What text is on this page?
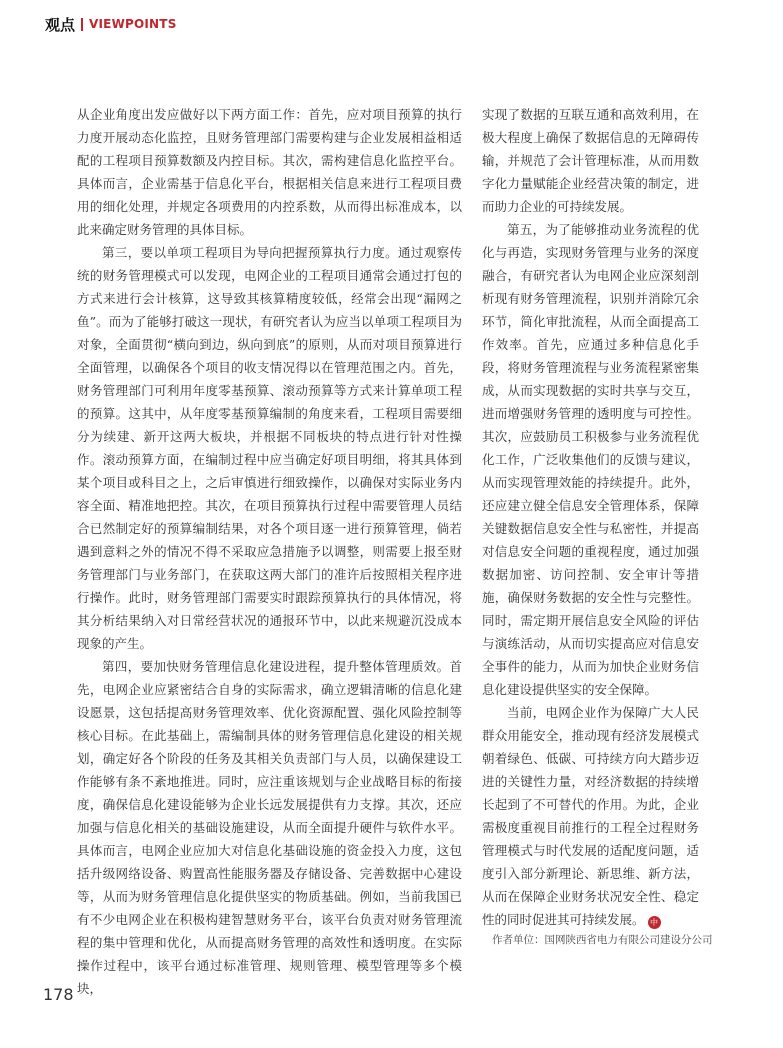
观点 VIEWPOINTS

从企业角度出发应做好以下两方面工作：首先，应对项目预算的执行力度开展动态化监控，且财务管理部门需要构建与企业发展相益相适配的工程项目预算数额及内控目标。其次，需构建信息化监控平台。具体而言，企业需基于信息化平台，根据相关信息来进行工程项目费用的细化处理，并规定各项费用的内控系数，从而得出标准成本，以此来确定财务管理的具体目标。

第三，要以单项工程项目为导向把握预算执行力度。通过观察传统的财务管理模式可以发现，电网企业的工程项目通常会通过打包的方式来进行会计核算，这导致其核算精度较低，经常会出现“漏网之鱼”。而为了能够打破这一现状，有研究者认为应当以单项工程项目为对象，全面贯彻“横向到边，纵向到底”的原则，从而对项目预算进行全面管理，以确保各个项目的收支情况得以在管理范围之内。首先，财务管理部门可利用年度零基预算、滚动预算等方式来计算单项工程的预算。这其中，从年度零基预算编制的角度来看，工程项目需要细分为续建、新开这两大板块，并根据不同板块的特点进行针对性操作。滚动预算方面，在编制过程中应当确定好项目明细，将其具体到某个项目或科目之上，之后审慎进行细致操作，以确保对实际业务内容全面、精准地把控。其次，在项目预算执行过程中需要管理人员结合已然制定好的预算编制结果，对各个项目逐一进行预算管理，倘若遇到意料之外的情况不得不采取应急措施予以调整，则需要上报至财务管理部门与业务部门，在获取这两大部门的准许后按照相关程序进行操作。此时，财务管理部门需要实时跟踪预算执行的具体情况，将其分析结果纳入对日常经营状况的通报环节中，以此来规避沉没成本现象的产生。

第四，要加快财务管理信息化建设进程，提升整体管理质效。首先，电网企业应紧密结合自身的实际需求，确立逻辑清晰的信息化建设愿景，这包括提高财务管理效率、优化资源配置、强化风险控制等核心目标。在此基础上，需编制具体的财务管理信息化建设的相关规划，确定好各个阶段的任务及其相关负责部门与人员，以确保建设工作能够有条不紊地推进。同时，应注重该规划与企业战略目标的衔接度，确保信息化建设能够为企业长远发展提供有力支撑。其次，还应加强与信息化相关的基础设施建设，从而全面提升硬件与软件水平。具体而言，电网企业应加大对信息化基础设施的资金投入力度，这包括升级网络设备、购置高性能服务器及存储设备、完善数据中心建设等，从而为财务管理信息化提供坚实的物质基础。例如，当前我国已有不少电网企业在积极构建智慧财务平台，该平台负责对财务管理流程的集中管理和优化，从而提高财务管理的高效性和透明度。在实际操作过程中，该平台通过标准管理、规则管理、模型管理等多个模块，

实现了数据的互联互通和高效利用，在极大程度上确保了数据信息的无障碍传输，并规范了会计管理标准，从而用数字化力量赋能企业经营决策的制定，进而助力企业的可持续发展。

第五，为了能够推动业务流程的优化与再造，实现财务管理与业务的深度融合，有研究者认为电网企业应深刻剖析现有财务管理流程，识别并消除冗余环节，简化审批流程，从而全面提高工作效率。首先，应通过多种信息化手段，将财务管理流程与业务流程紧密集成，从而实现数据的实时共享与交互，进而增强财务管理的透明度与可控性。其次，应鼓励员工积极参与业务流程优化工作，广泛收集他们的反馈与建议，从而实现管理效能的持续提升。此外，还应建立健全信息安全管理体系，保障关键数据信息安全性与私密性，并提高对信息安全问题的重视程度，通过加强数据加密、访问控制、安全审计等措施，确保财务数据的安全性与完整性。同时，需定期开展信息安全风险的评估与演练活动，从而切实提高应对信息安全事件的能力，从而为加快企业财务信息化建设提供坚实的安全保障。

当前，电网企业作为保障广大人民群众用能安全，推动现有经济发展模式朝着绿色、低碳、可持续方向大踏步迈进的关键性力量，对经济数据的持续增长起到了不可替代的作用。为此，企业需极度重视目前推行的工程全过程财务管理模式与时代发展的适配度问题，适度引入部分新理论、新思维、新方法，从而在保障企业财务状况安全性、稳定性的同时促进其可持续发展。 中

作者单位：国网陕西省电力有限公司建设分公司
178
